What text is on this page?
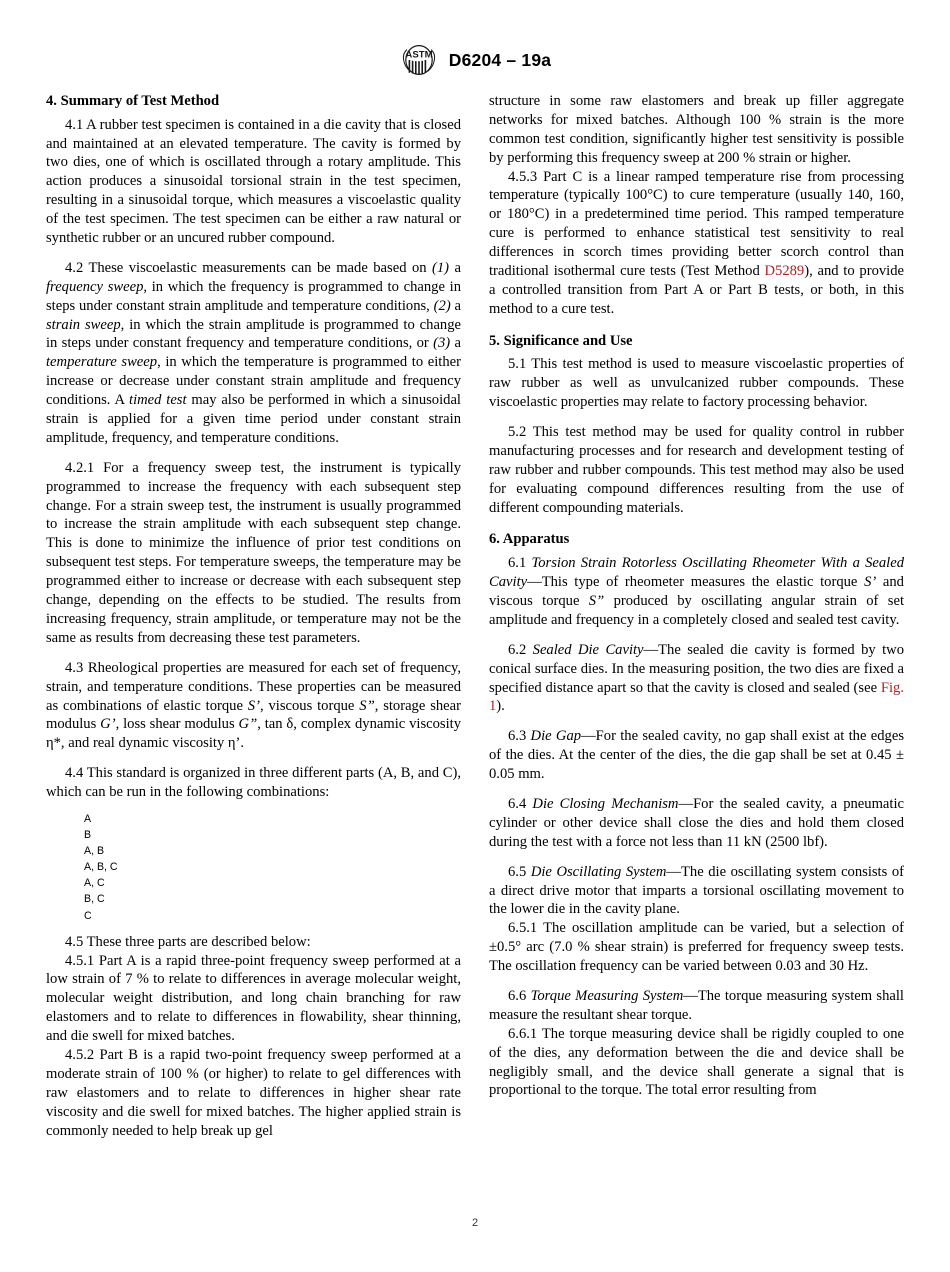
ASTM D6204 – 19a
4. Summary of Test Method

4.1 A rubber test specimen is contained in a die cavity that is closed and maintained at an elevated temperature. The cavity is formed by two dies, one of which is oscillated through a rotary amplitude. This action produces a sinusoidal torsional strain in the test specimen, resulting in a sinusoidal torque, which measures a viscoelastic quality of the test specimen. The test specimen can be either a raw natural or synthetic rubber or an uncured rubber compound.

4.2 These viscoelastic measurements can be made based on (1) a frequency sweep, in which the frequency is programmed to change in steps under constant strain amplitude and temperature conditions, (2) a strain sweep, in which the strain amplitude is programmed to change in steps under constant frequency and temperature conditions, or (3) a temperature sweep, in which the temperature is programmed to either increase or decrease under constant strain amplitude and frequency conditions. A timed test may also be performed in which a sinusoidal strain is applied for a given time period under constant strain amplitude, frequency, and temperature conditions.

4.2.1 For a frequency sweep test, the instrument is typically programmed to increase the frequency with each subsequent step change. For a strain sweep test, the instrument is usually programmed to increase the strain amplitude with each subsequent step change. This is done to minimize the influence of prior test conditions on subsequent test steps. For temperature sweeps, the temperature may be programmed either to increase or decrease with each subsequent step change, depending on the effects to be studied. The results from increasing frequency, strain amplitude, or temperature may not be the same as results from decreasing these test parameters.

4.3 Rheological properties are measured for each set of frequency, strain, and temperature conditions. These properties can be measured as combinations of elastic torque S’, viscous torque S”, storage shear modulus G’, loss shear modulus G”, tan δ, complex dynamic viscosity η*, and real dynamic viscosity η’.

4.4 This standard is organized in three different parts (A, B, and C), which can be run in the following combinations:

A
B
A, B
A, B, C
A, C
B, C
C

4.5 These three parts are described below:

4.5.1 Part A is a rapid three-point frequency sweep performed at a low strain of 7 % to relate to differences in average molecular weight, molecular weight distribution, and long chain branching for raw elastomers and to relate to differences in flowability, shear thinning, and die swell for mixed batches.

4.5.2 Part B is a rapid two-point frequency sweep performed at a moderate strain of 100 % (or higher) to relate to gel differences with raw elastomers and to relate to differences in higher shear rate viscosity and die swell for mixed batches. The higher applied strain is commonly needed to help break up gel

structure in some raw elastomers and break up filler aggregate networks for mixed batches. Although 100 % strain is the more common test condition, significantly higher test sensitivity is possible by performing this frequency sweep at 200 % strain or higher.

4.5.3 Part C is a linear ramped temperature rise from processing temperature (typically 100°C) to cure temperature (usually 140, 160, or 180°C) in a predetermined time period. This ramped temperature cure is performed to enhance statistical test sensitivity to real differences in scorch times providing better scorch control than traditional isothermal cure tests (Test Method D5289), and to provide a controlled transition from Part A or Part B tests, or both, in this method to a cure test.

5. Significance and Use

5.1 This test method is used to measure viscoelastic properties of raw rubber as well as unvulcanized rubber compounds. These viscoelastic properties may relate to factory processing behavior.

5.2 This test method may be used for quality control in rubber manufacturing processes and for research and development testing of raw rubber and rubber compounds. This test method may also be used for evaluating compound differences resulting from the use of different compounding materials.

6. Apparatus

6.1 Torsion Strain Rotorless Oscillating Rheometer With a Sealed Cavity—This type of rheometer measures the elastic torque S’ and viscous torque S” produced by oscillating angular strain of set amplitude and frequency in a completely closed and sealed test cavity.

6.2 Sealed Die Cavity—The sealed die cavity is formed by two conical surface dies. In the measuring position, the two dies are fixed a specified distance apart so that the cavity is closed and sealed (see Fig. 1).

6.3 Die Gap—For the sealed cavity, no gap shall exist at the edges of the dies. At the center of the dies, the die gap shall be set at 0.45 ± 0.05 mm.

6.4 Die Closing Mechanism—For the sealed cavity, a pneumatic cylinder or other device shall close the dies and hold them closed during the test with a force not less than 11 kN (2500 lbf).

6.5 Die Oscillating System—The die oscillating system consists of a direct drive motor that imparts a torsional oscillating movement to the lower die in the cavity plane.

6.5.1 The oscillation amplitude can be varied, but a selection of ±0.5° arc (7.0 % shear strain) is preferred for frequency sweep tests. The oscillation frequency can be varied between 0.03 and 30 Hz.

6.6 Torque Measuring System—The torque measuring system shall measure the resultant shear torque.

6.6.1 The torque measuring device shall be rigidly coupled to one of the dies, any deformation between the die and device shall be negligibly small, and the device shall generate a signal that is proportional to the torque. The total error resulting from

2
